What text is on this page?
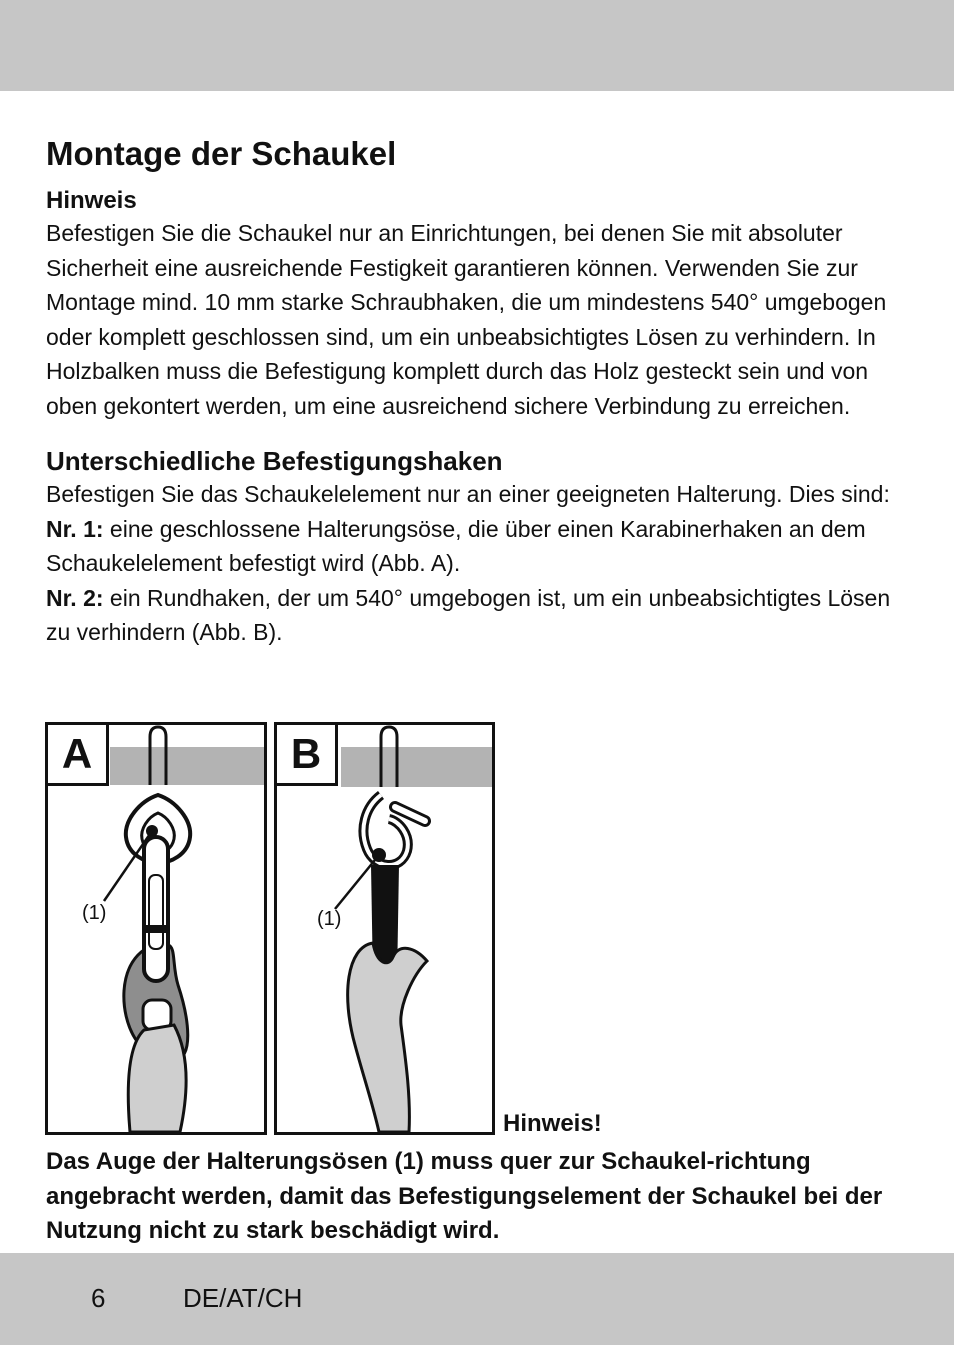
Montage der Schaukel
Hinweis

Befestigen Sie die Schaukel nur an Einrichtungen, bei denen Sie mit absoluter Sicherheit eine ausreichende Festigkeit garantieren können. Verwenden Sie zur Montage mind. 10 mm starke Schraubhaken, die um mindestens 540° umgebogen oder komplett geschlossen sind, um ein unbeabsichtigtes Lösen zu verhindern. In Holzbalken muss die Befestigung komplett durch das Holz gesteckt sein und von oben gekontert werden, um eine ausreichend sichere Verbindung zu erreichen.

Unterschiedliche Befestigungshaken

Befestigen Sie das Schaukelelement nur an einer geeigneten Halterung. Dies sind:

Nr. 1: eine geschlossene Halterungsöse, die über einen Karabinerhaken an dem Schaukelelement befestigt wird (Abb. A).

Nr. 2: ein Rundhaken, der um 540° umgebogen ist, um ein unbeabsichtigtes Lösen zu verhindern (Abb. B).

A
(1)
B
(1)
Hinweis!
Das Auge der Halterungsösen (1) muss quer zur Schaukel-richtung angebracht werden, damit das Befestigungselement der Schaukel bei der Nutzung nicht zu stark beschädigt wird.
6	DE/AT/CH
